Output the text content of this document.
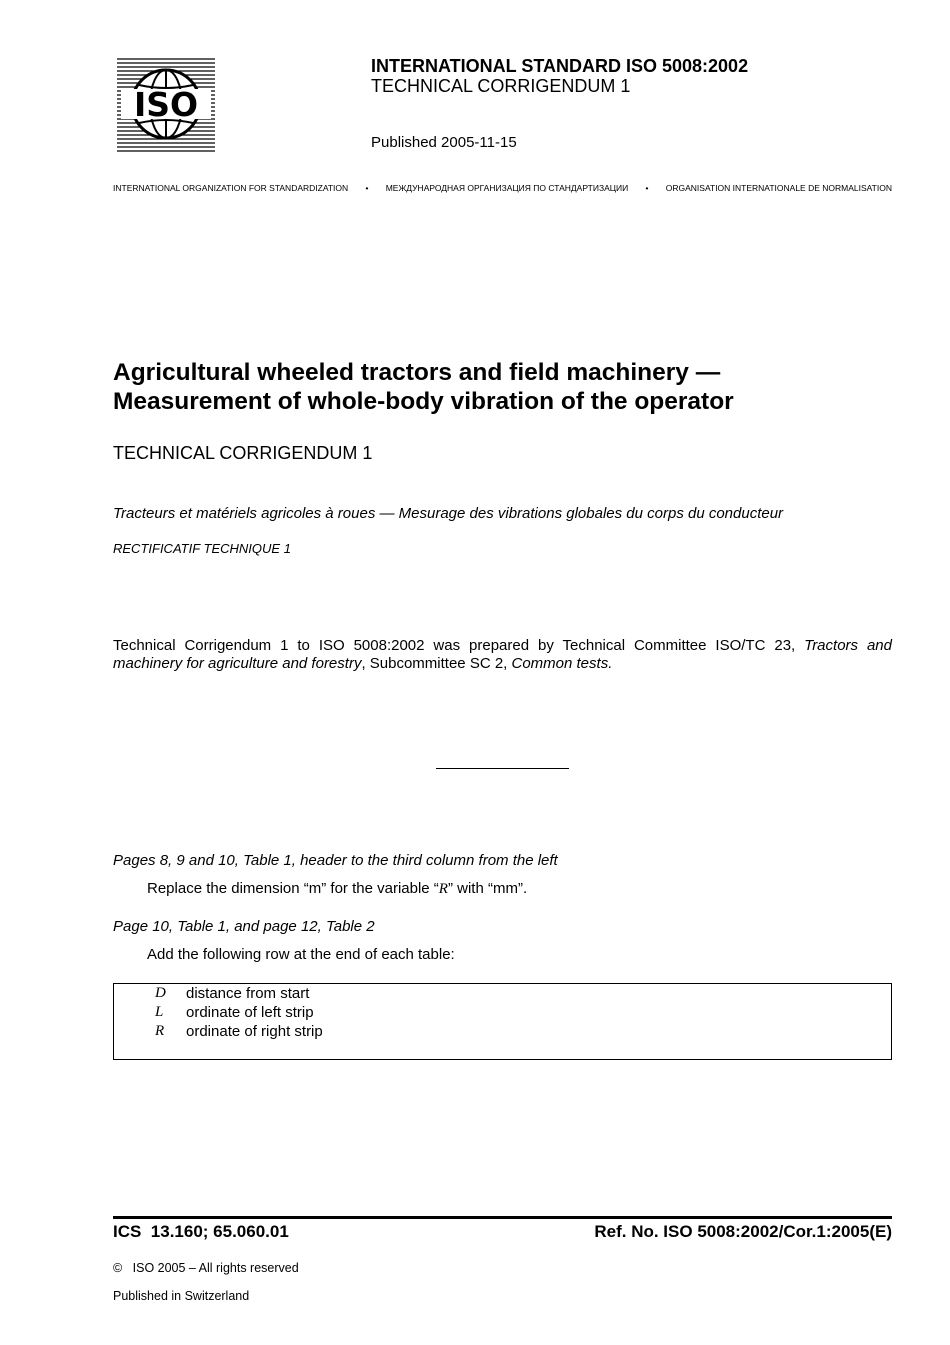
ISO
INTERNATIONAL STANDARD ISO 5008:2002
TECHNICAL CORRIGENDUM 1
Published 2005-11-15
INTERNATIONAL ORGANIZATION FOR STANDARDIZATION • МЕЖДУНАРОДНАЯ ОРГАНИЗАЦИЯ ПО СТАНДАРТИЗАЦИИ • ORGANISATION INTERNATIONALE DE NORMALISATION
Agricultural wheeled tractors and field machinery —
Measurement of whole-body vibration of the operator
TECHNICAL CORRIGENDUM 1
Tracteurs et matériels agricoles à roues — Mesurage des vibrations globales du corps du conducteur
RECTIFICATIF TECHNIQUE 1
Technical Corrigendum 1 to ISO 5008:2002 was prepared by Technical Committee ISO/TC 23, Tractors and machinery for agriculture and forestry, Subcommittee SC 2, Common tests.
Pages 8, 9 and 10, Table 1, header to the third column from the left
Replace the dimension “m” for the variable “R” with “mm”.
Page 10, Table 1, and page 12, Table 2
Add the following row at the end of each table:
D distance from start
L	ordinate of left strip
R	ordinate of right strip
ICS  13.160; 65.060.01	Ref. No. ISO 5008:2002/Cor.1:2005(E)
©   ISO 2005 – All rights reserved
Published in Switzerland
